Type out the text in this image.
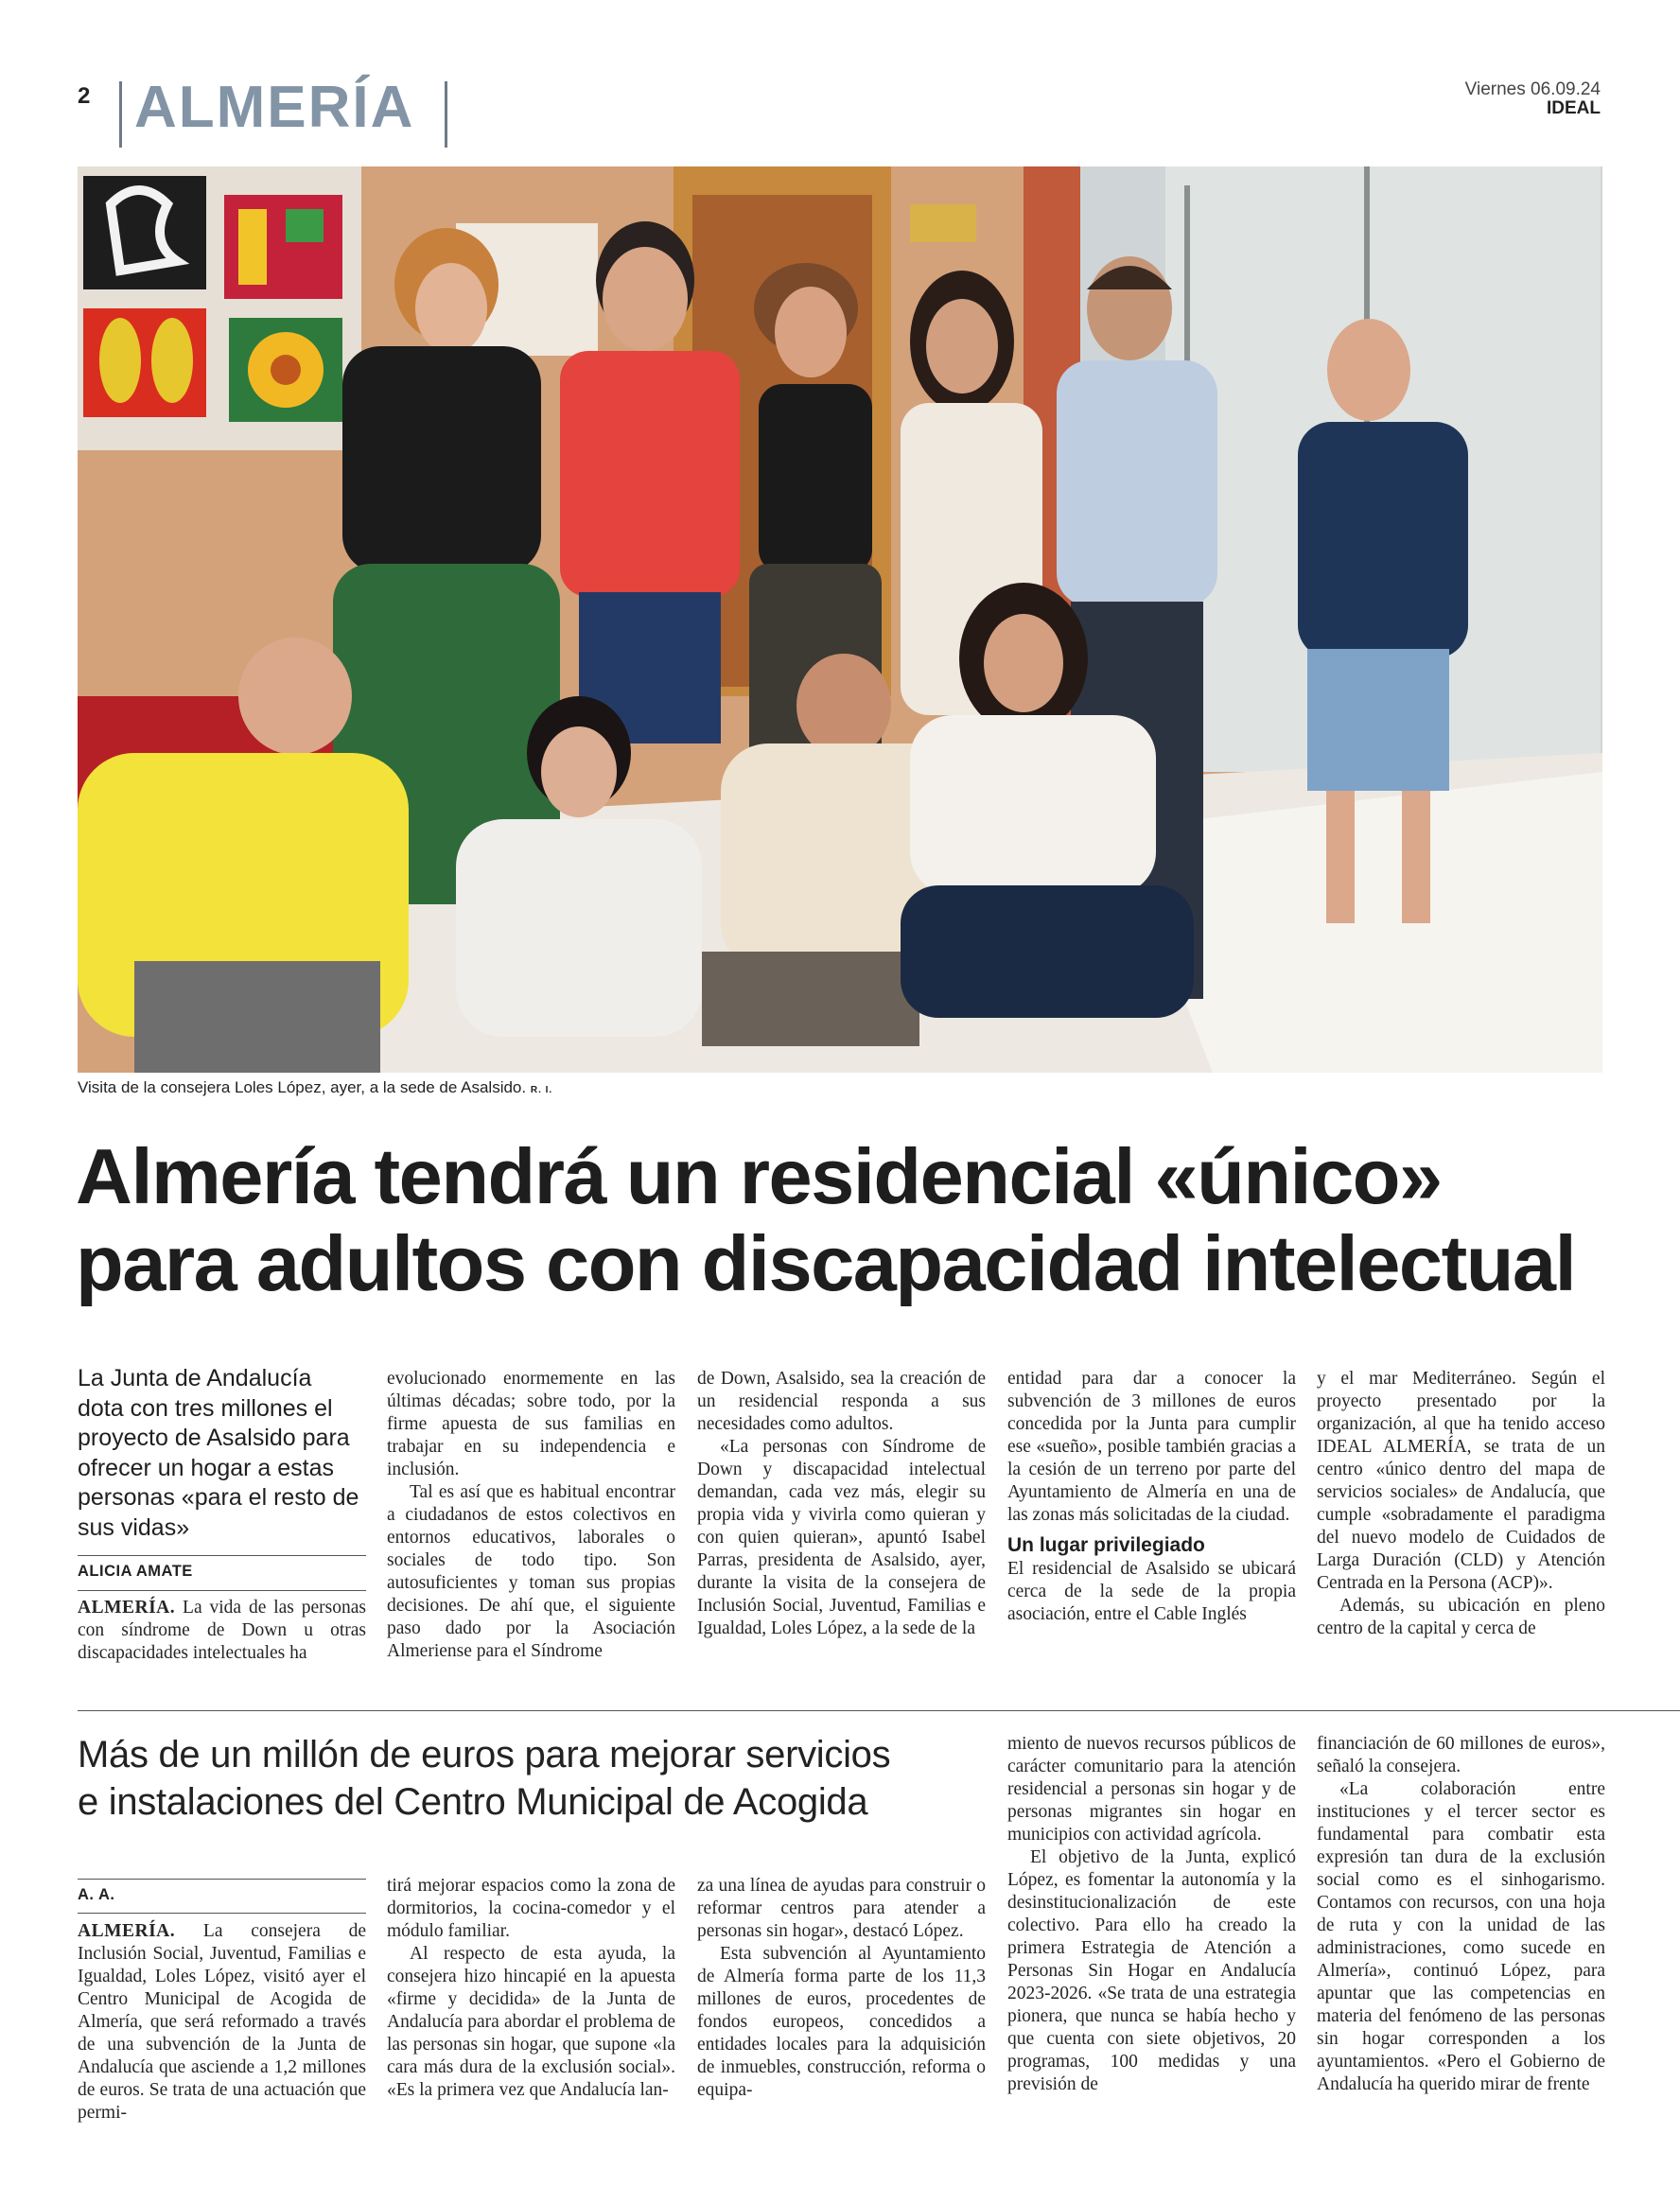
2 ALMERÍA	Viernes 06.09.24
IDEAL
Visita de la consejera Loles López, ayer, a la sede de Asalsido. R. I.
Almería tendrá un residencial «único»
para adultos con discapacidad intelectual
La Junta de Andalucía dota con tres millones el proyecto de Asalsido para ofrecer un hogar a estas personas «para el resto de sus vidas»
ALICIA AMATE

ALMERÍA. La vida de las personas con síndrome de Down u otras discapacidades intelectuales ha

evolucionado enormemente en las últimas décadas; sobre todo, por la firme apuesta de sus familias en trabajar en su independencia e inclusión.

Tal es así que es habitual encontrar a ciudadanos de estos colectivos en entornos educativos, laborales o sociales de todo tipo. Son autosuficientes y toman sus propias decisiones. De ahí que, el siguiente paso dado por la Asociación Almeriense para el Síndrome

de Down, Asalsido, sea la creación de un residencial responda a sus necesidades como adultos.

«La personas con Síndrome de Down y discapacidad intelectual demandan, cada vez más, elegir su propia vida y vivirla como quieran y con quien quieran», apuntó Isabel Parras, presidenta de Asalsido, ayer, durante la visita de la consejera de Inclusión Social, Juventud, Familias e Igualdad, Loles López, a la sede de la

entidad para dar a conocer la subvención de 3 millones de euros concedida por la Junta para cumplir ese «sueño», posible también gracias a la cesión de un terreno por parte del Ayuntamiento de Almería en una de las zonas más solicitadas de la ciudad.

Un lugar privilegiado

El residencial de Asalsido se ubicará cerca de la sede de la propia asociación, entre el Cable Inglés

y el mar Mediterráneo. Según el proyecto presentado por la organización, al que ha tenido acceso IDEAL ALMERÍA, se trata de un centro «único dentro del mapa de servicios sociales» de Andalucía, que cumple «sobradamente el paradigma del nuevo modelo de Cuidados de Larga Duración (CLD) y Atención Centrada en la Persona (ACP)».

Además, su ubicación en pleno centro de la capital y cerca de

Más de un millón de euros para mejorar servicios
e instalaciones del Centro Municipal de Acogida
A. A.

ALMERÍA. La consejera de Inclusión Social, Juventud, Familias e Igualdad, Loles López, visitó ayer el Centro Municipal de Acogida de Almería, que será reformado a través de una subvención de la Junta de Andalucía que asciende a 1,2 millones de euros. Se trata de una actuación que permi-

tirá mejorar espacios como la zona de dormitorios, la cocina-comedor y el módulo familiar.

Al respecto de esta ayuda, la consejera hizo hincapié en la apuesta «firme y decidida» de la Junta de Andalucía para abordar el problema de las personas sin hogar, que supone «la cara más dura de la exclusión social». «Es la primera vez que Andalucía lan-

za una línea de ayudas para construir o reformar centros para atender a personas sin hogar», destacó López.

Esta subvención al Ayuntamiento de Almería forma parte de los 11,3 millones de euros, procedentes de fondos europeos, concedidos a entidades locales para la adquisición de inmuebles, construcción, reforma o equipa-

miento de nuevos recursos públicos de carácter comunitario para la atención residencial a personas sin hogar y de personas migrantes sin hogar en municipios con actividad agrícola.

El objetivo de la Junta, explicó López, es fomentar la autonomía y la desinstitucionalización de este colectivo. Para ello ha creado la primera Estrategia de Atención a Personas Sin Hogar en Andalucía 2023-2026. «Se trata de una estrategia pionera, que nunca se había hecho y que cuenta con siete objetivos, 20 programas, 100 medidas y una previsión de

financiación de 60 millones de euros», señaló la consejera.

«La colaboración entre instituciones y el tercer sector es fundamental para combatir esta expresión tan dura de la exclusión social como es el sinhogarismo. Contamos con recursos, con una hoja de ruta y con la unidad de las administraciones, como sucede en Almería», continuó López, para apuntar que las competencias en materia del fenómeno de las personas sin hogar corresponden a los ayuntamientos. «Pero el Gobierno de Andalucía ha querido mirar de frente
